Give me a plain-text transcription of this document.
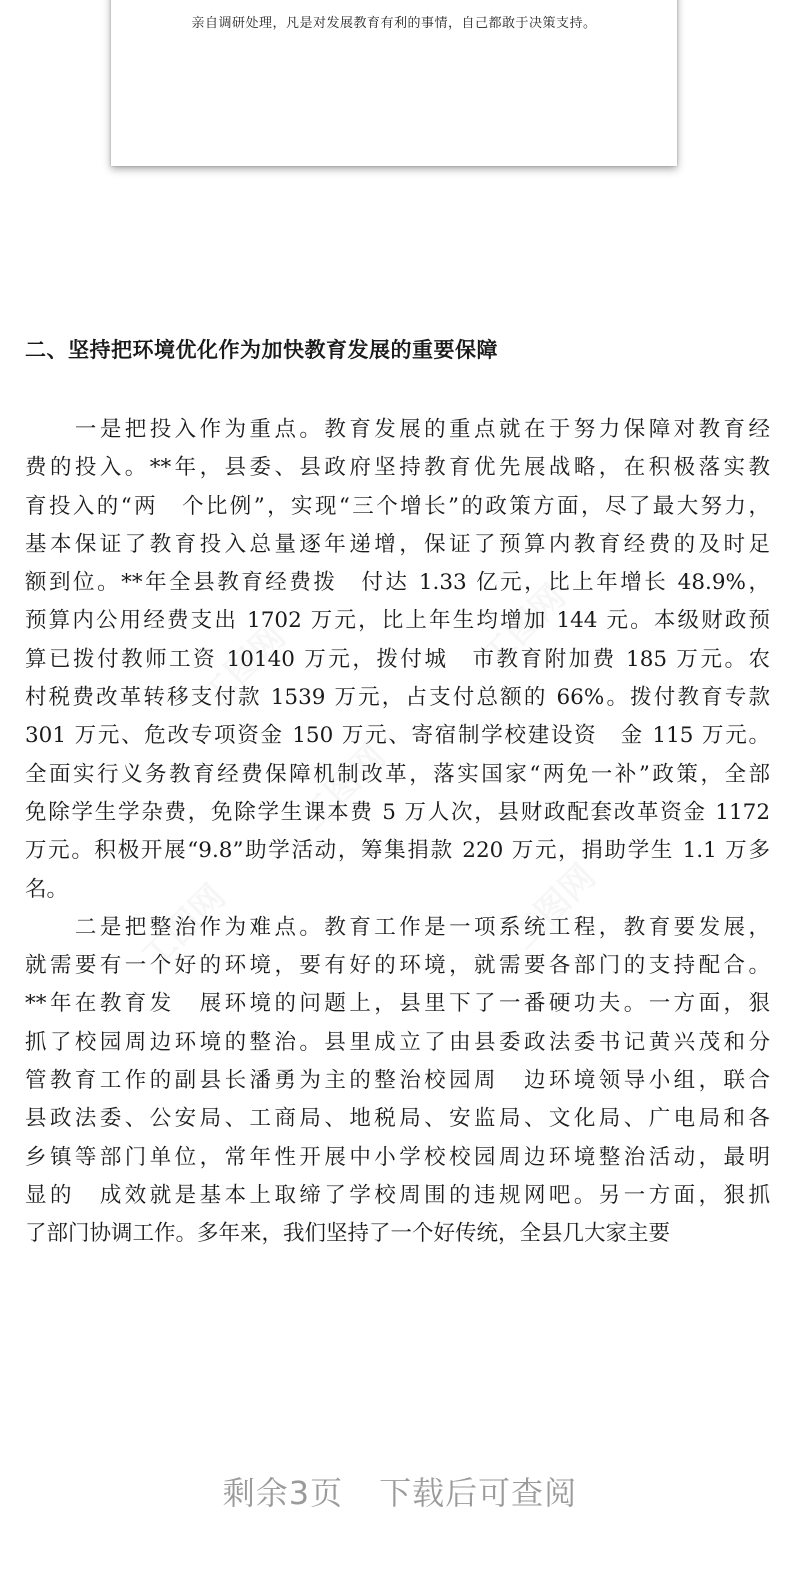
亲自调研处理，凡是对发展教育有利的事情，自己都敢于决策支持。
二、坚持把环境优化作为加快教育发展的重要保障
　　一是把投入作为重点。教育发展的重点就在于努力保障对教育经
费的投入。**年，县委、县政府坚持教育优先展战略，在积极落实教
育投入的“两　个比例”，实现“三个增长”的政策方面，尽了最大努力，
基本保证了教育投入总量逐年递增，保证了预算内教育经费的及时足
额到位。**年全县教育经费拨　付达 1.33 亿元，比上年增长 48.9%，
预算内公用经费支出 1702 万元，比上年生均增加 144 元。本级财政预
算已拨付教师工资 10140 万元，拨付城　市教育附加费 185 万元。农
村税费改革转移支付款 1539 万元，占支付总额的 66%。拨付教育专款
301 万元、危改专项资金 150 万元、寄宿制学校建设资　金 115 万元。
全面实行义务教育经费保障机制改革，落实国家“两免一补”政策，全部
免除学生学杂费，免除学生课本费 5 万人次，县财政配套改革资金 1172
万元。积极开展“9.8”助学活动，筹集捐款 220 万元，捐助学生 1.1 万多
名。
　　二是把整治作为难点。教育工作是一项系统工程，教育要发展，
就需要有一个好的环境，要有好的环境，就需要各部门的支持配合。
**年在教育发　展环境的问题上，县里下了一番硬功夫。一方面，狠
抓了校园周边环境的整治。县里成立了由县委政法委书记黄兴茂和分
管教育工作的副县长潘勇为主的整治校园周　边环境领导小组，联合
县政法委、公安局、工商局、地税局、安监局、文化局、广电局和各
乡镇等部门单位，常年性开展中小学校校园周边环境整治活动，最明
显的　成效就是基本上取缔了学校周围的违规网吧。另一方面，狠抓
了部门协调工作。多年来，我们坚持了一个好传统，全县几大家主要
剩余3页 下载后可查阅
